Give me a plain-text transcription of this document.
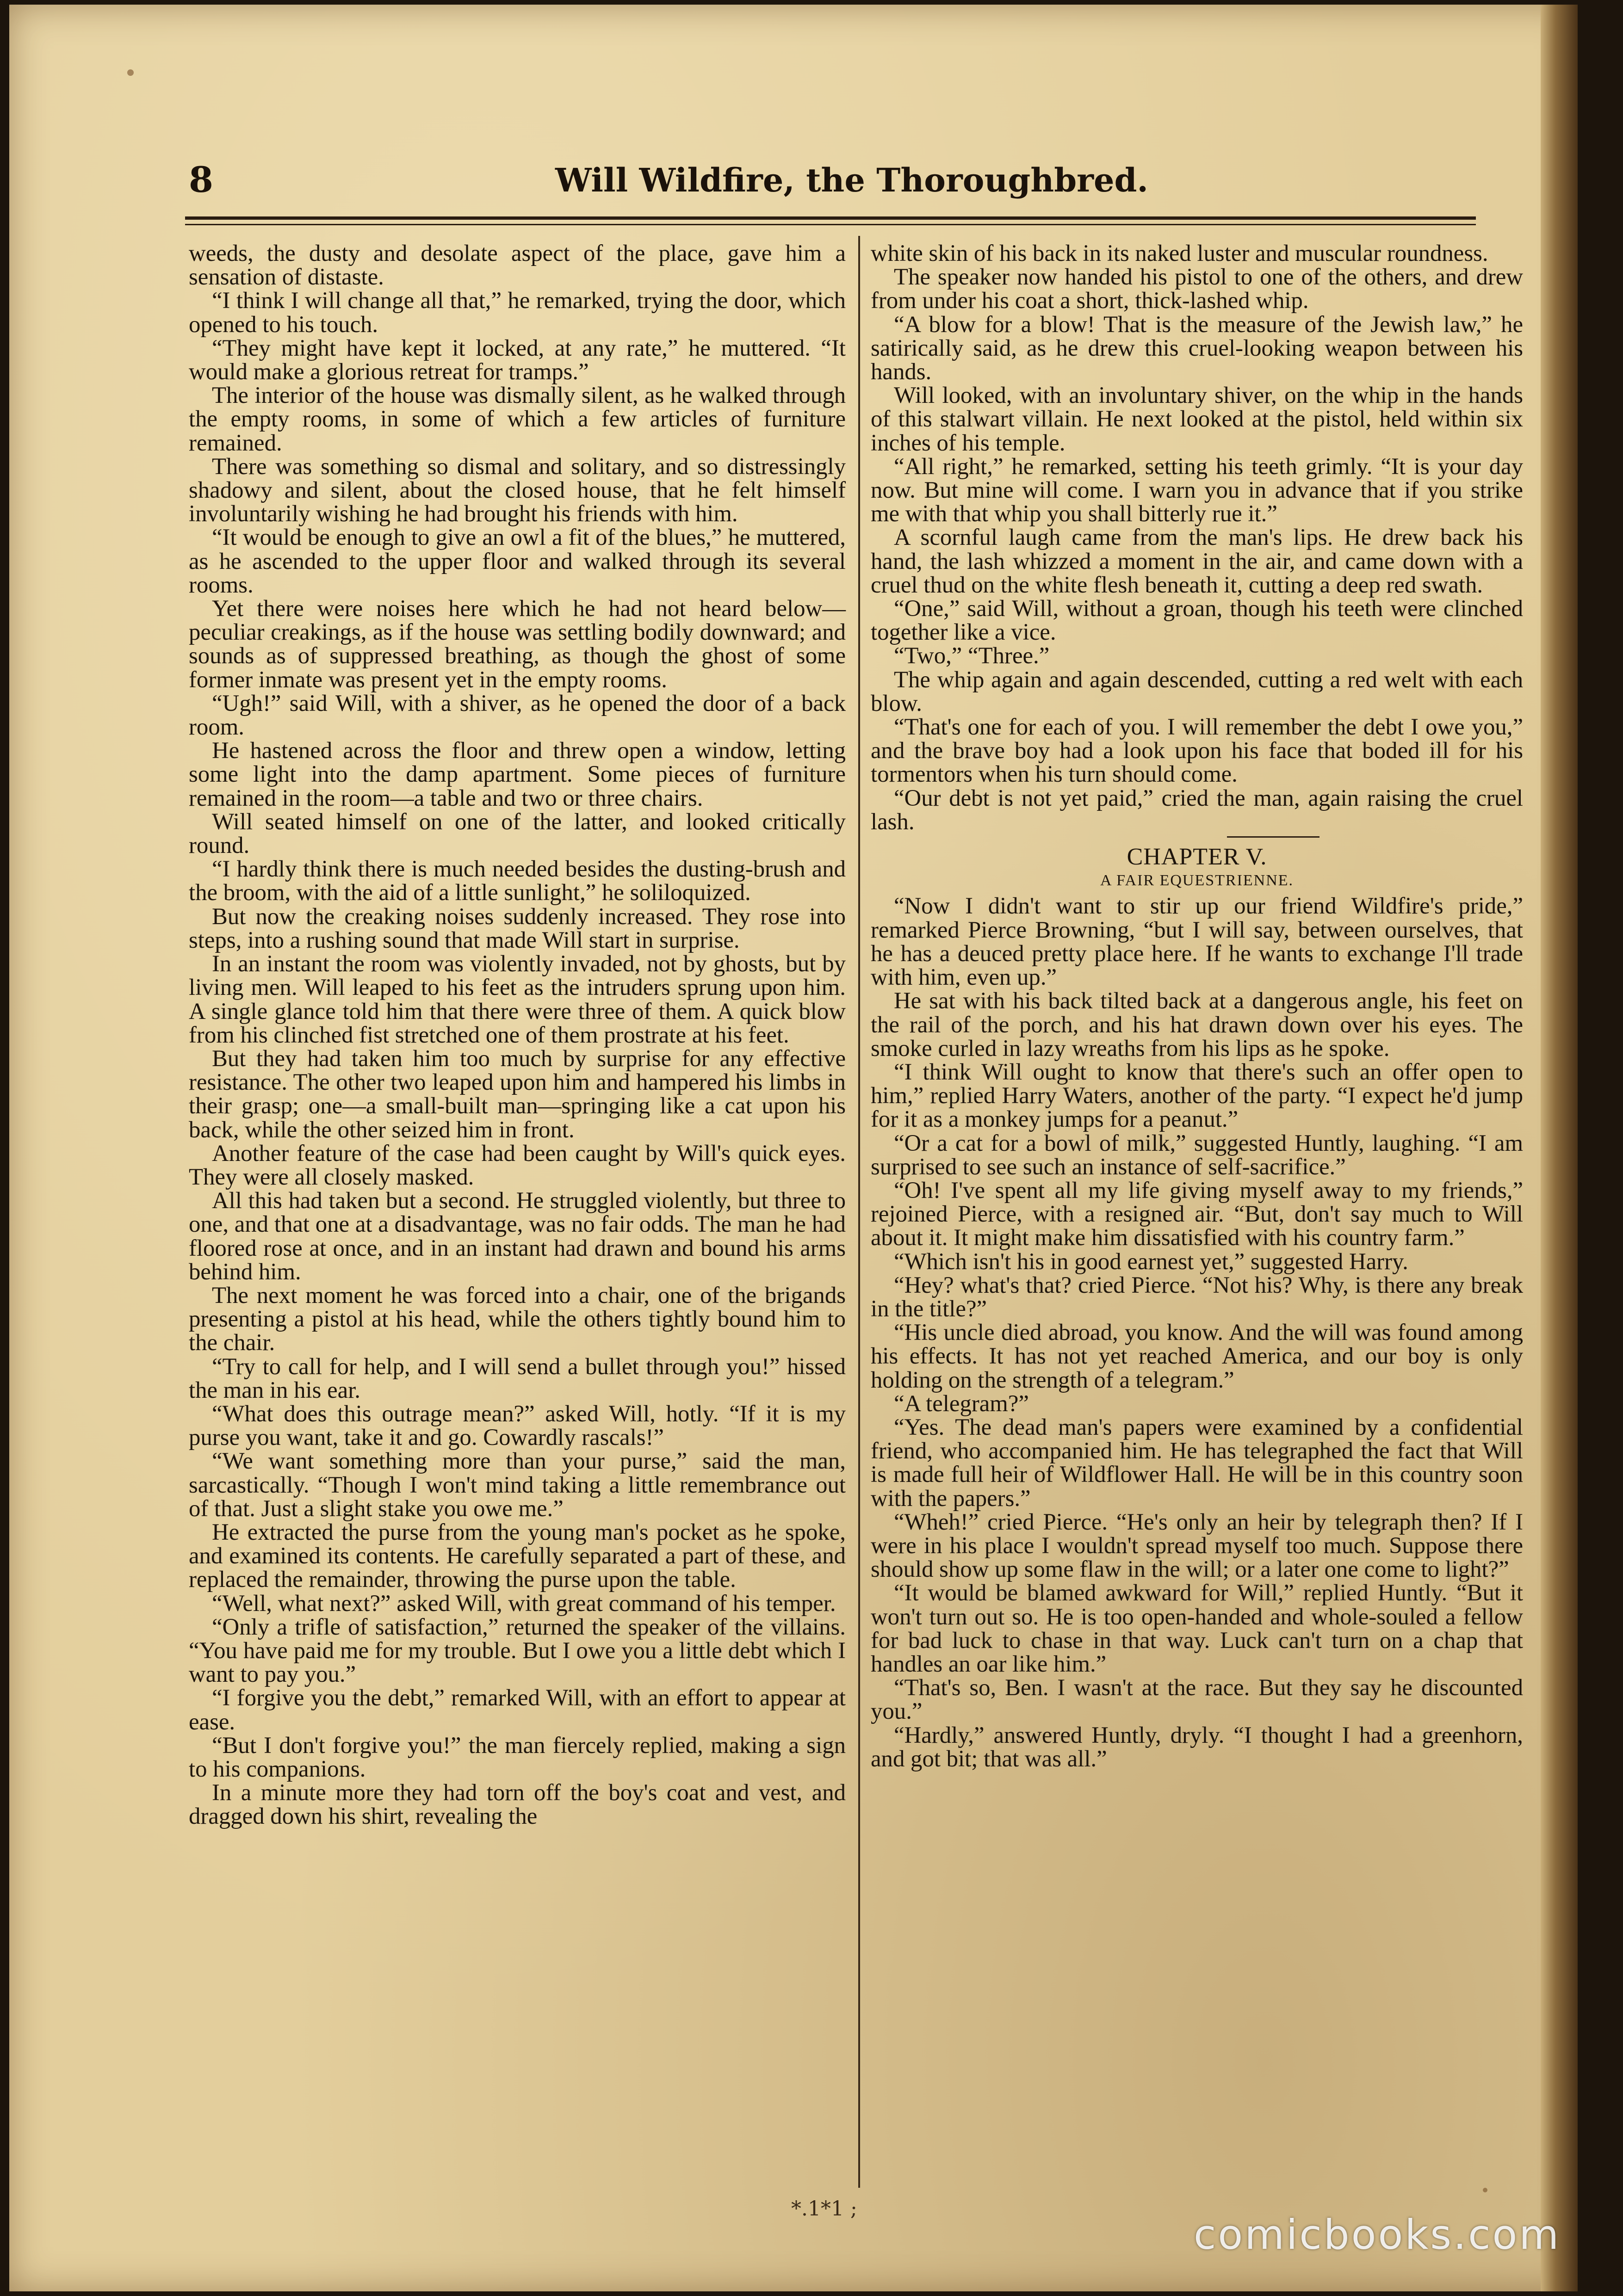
8	Will Wildfire, the Thoroughbred.

weeds, the dusty and desolate aspect of the place, gave him a sensation of distaste.

“I think I will change all that,” he remarked, trying the door, which opened to his touch.

“They might have kept it locked, at any rate,” he muttered. “It would make a glorious retreat for tramps.”

The interior of the house was dismally silent, as he walked through the empty rooms, in some of which a few articles of furniture remained.

There was something so dismal and solitary, and so distressingly shadowy and silent, about the closed house, that he felt himself involuntarily wishing he had brought his friends with him.

“It would be enough to give an owl a fit of the blues,” he muttered, as he ascended to the upper floor and walked through its several rooms.

Yet there were noises here which he had not heard below—peculiar creakings, as if the house was settling bodily downward; and sounds as of suppressed breathing, as though the ghost of some former inmate was present yet in the empty rooms.

“Ugh!” said Will, with a shiver, as he opened the door of a back room.

He hastened across the floor and threw open a window, letting some light into the damp apartment. Some pieces of furniture remained in the room—a table and two or three chairs.

Will seated himself on one of the latter, and looked critically round.

“I hardly think there is much needed besides the dusting-brush and the broom, with the aid of a little sunlight,” he soliloquized.

But now the creaking noises suddenly increased. They rose into steps, into a rushing sound that made Will start in surprise.

In an instant the room was violently invaded, not by ghosts, but by living men. Will leaped to his feet as the intruders sprung upon him. A single glance told him that there were three of them. A quick blow from his clinched fist stretched one of them prostrate at his feet.

But they had taken him too much by surprise for any effective resistance. The other two leaped upon him and hampered his limbs in their grasp; one—a small-built man—springing like a cat upon his back, while the other seized him in front.

Another feature of the case had been caught by Will's quick eyes. They were all closely masked.

All this had taken but a second. He struggled violently, but three to one, and that one at a disadvantage, was no fair odds. The man he had floored rose at once, and in an instant had drawn and bound his arms behind him.

The next moment he was forced into a chair, one of the brigands presenting a pistol at his head, while the others tightly bound him to the chair.

“Try to call for help, and I will send a bullet through you!” hissed the man in his ear.

“What does this outrage mean?” asked Will, hotly. “If it is my purse you want, take it and go. Cowardly rascals!”

“We want something more than your purse,” said the man, sarcastically. “Though I won't mind taking a little remembrance out of that. Just a slight stake you owe me.”

He extracted the purse from the young man's pocket as he spoke, and examined its contents. He carefully separated a part of these, and replaced the remainder, throwing the purse upon the table.

“Well, what next?” asked Will, with great command of his temper.

“Only a trifle of satisfaction,” returned the speaker of the villains. “You have paid me for my trouble. But I owe you a little debt which I want to pay you.”

“I forgive you the debt,” remarked Will, with an effort to appear at ease.

“But I don't forgive you!” the man fiercely replied, making a sign to his companions.

In a minute more they had torn off the boy's coat and vest, and dragged down his shirt, revealing the

white skin of his back in its naked luster and muscular roundness.

The speaker now handed his pistol to one of the others, and drew from under his coat a short, thick-lashed whip.

“A blow for a blow! That is the measure of the Jewish law,” he satirically said, as he drew this cruel-looking weapon between his hands.

Will looked, with an involuntary shiver, on the whip in the hands of this stalwart villain. He next looked at the pistol, held within six inches of his temple.

“All right,” he remarked, setting his teeth grimly. “It is your day now. But mine will come. I warn you in advance that if you strike me with that whip you shall bitterly rue it.”

A scornful laugh came from the man's lips. He drew back his hand, the lash whizzed a moment in the air, and came down with a cruel thud on the white flesh beneath it, cutting a deep red swath.

“One,” said Will, without a groan, though his teeth were clinched together like a vice.

“Two,” “Three.”

The whip again and again descended, cutting a red welt with each blow.

“That's one for each of you. I will remember the debt I owe you,” and the brave boy had a look upon his face that boded ill for his tormentors when his turn should come.

“Our debt is not yet paid,” cried the man, again raising the cruel lash.

CHAPTER V.
A FAIR EQUESTRIENNE.

“Now I didn't want to stir up our friend Wildfire's pride,” remarked Pierce Browning, “but I will say, between ourselves, that he has a deuced pretty place here. If he wants to exchange I'll trade with him, even up.”

He sat with his back tilted back at a dangerous angle, his feet on the rail of the porch, and his hat drawn down over his eyes. The smoke curled in lazy wreaths from his lips as he spoke.

“I think Will ought to know that there's such an offer open to him,” replied Harry Waters, another of the party. “I expect he'd jump for it as a monkey jumps for a peanut.”

“Or a cat for a bowl of milk,” suggested Huntly, laughing. “I am surprised to see such an instance of self-sacrifice.”

“Oh! I've spent all my life giving myself away to my friends,” rejoined Pierce, with a resigned air. “But, don't say much to Will about it. It might make him dissatisfied with his country farm.”

“Which isn't his in good earnest yet,” suggested Harry.

“Hey? what's that? cried Pierce. “Not his? Why, is there any break in the title?”

“His uncle died abroad, you know. And the will was found among his effects. It has not yet reached America, and our boy is only holding on the strength of a telegram.”

“A telegram?”

“Yes. The dead man's papers were examined by a confidential friend, who accompanied him. He has telegraphed the fact that Will is made full heir of Wildflower Hall. He will be in this country soon with the papers.”

“Wheh!” cried Pierce. “He's only an heir by telegraph then? If I were in his place I wouldn't spread myself too much. Suppose there should show up some flaw in the will; or a later one come to light?”

“It would be blamed awkward for Will,” replied Huntly. “But it won't turn out so. He is too open-handed and whole-souled a fellow for bad luck to chase in that way. Luck can't turn on a chap that handles an oar like him.”

“That's so, Ben. I wasn't at the race. But they say he discounted you.”

“Hardly,” answered Huntly, dryly. “I thought I had a greenhorn, and got bit; that was all.”

*.1*1 ;
comicbooks.com
